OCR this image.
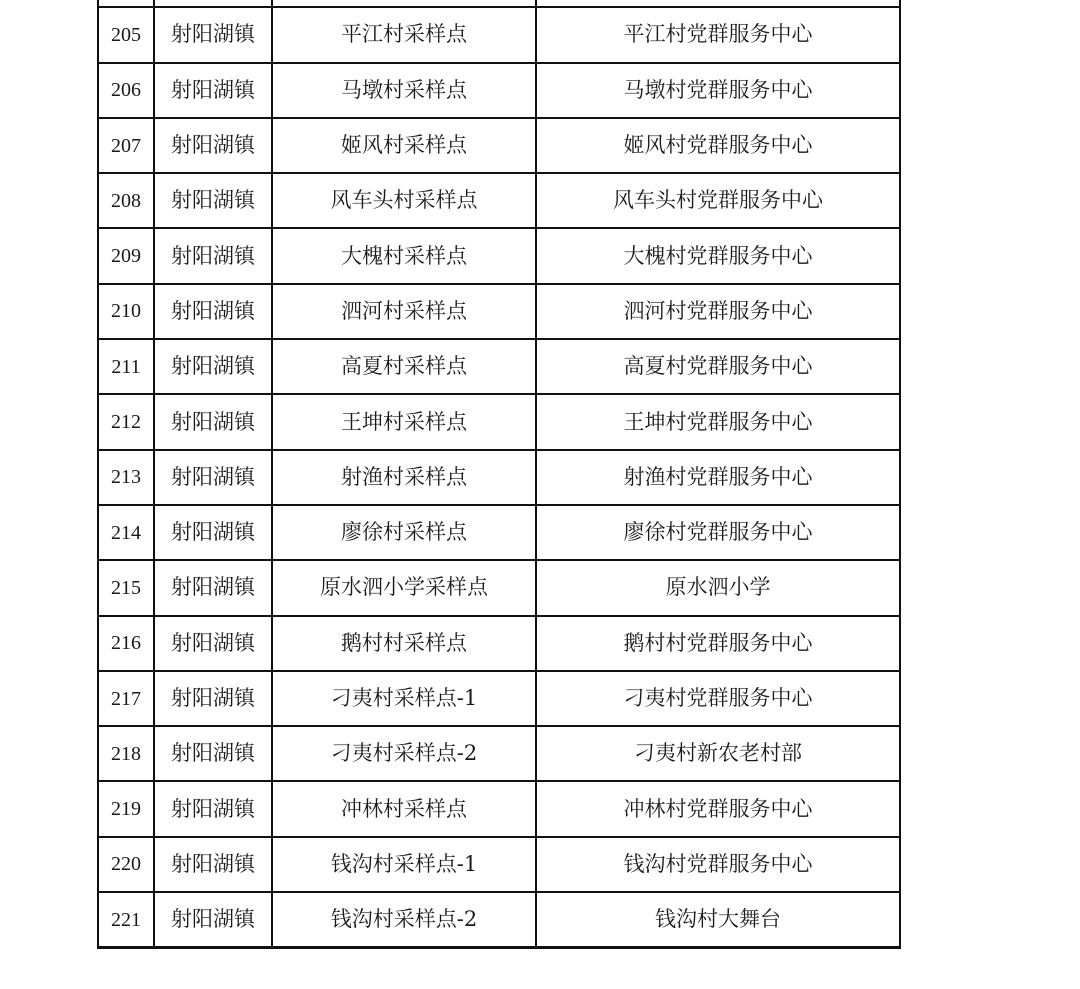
205	射阳湖镇	平江村采样点	平江村党群服务中心
206	射阳湖镇	马墩村采样点	马墩村党群服务中心
207	射阳湖镇	姬风村采样点	姬风村党群服务中心
208	射阳湖镇	风车头村采样点	风车头村党群服务中心
209	射阳湖镇	大槐村采样点	大槐村党群服务中心
210	射阳湖镇	泗河村采样点	泗河村党群服务中心
211	射阳湖镇	高夏村采样点	高夏村党群服务中心
212	射阳湖镇	王坤村采样点	王坤村党群服务中心
213	射阳湖镇	射渔村采样点	射渔村党群服务中心
214	射阳湖镇	廖徐村采样点	廖徐村党群服务中心
215	射阳湖镇	原水泗小学采样点	原水泗小学
216	射阳湖镇	鹅村村采样点	鹅村村党群服务中心
217	射阳湖镇	刁夷村采样点-1	刁夷村党群服务中心
218	射阳湖镇	刁夷村采样点-2	刁夷村新农老村部
219	射阳湖镇	冲林村采样点	冲林村党群服务中心
220	射阳湖镇	钱沟村采样点-1	钱沟村党群服务中心
221	射阳湖镇	钱沟村采样点-2	钱沟村大舞台
